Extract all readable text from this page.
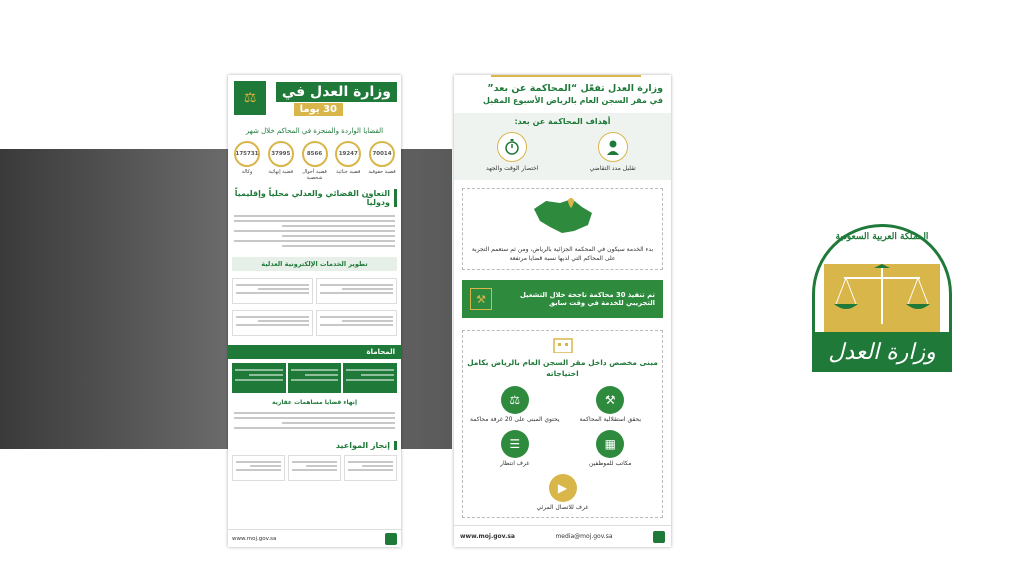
وزارة العدل في
30 يوما
⚖
القضايا الواردة والمنجزة في المحاكم خلال شهر
70014
قضية حقوقية
19247
قضية جنائية
8566
قضية أحوال شخصية
37995
قضية إنهائية
175731
وكالة
التعاون القضائي والعدلي محلياً وإقليمياً ودولياً
تطوير الخدمات الإلكترونية العدلية
المحاماة
إنهاء قضايا مساهمات عقارية
إنجاز المواعيد
www.moj.gov.sa
وزارة العدل تفعّل “المحاكمة عن بعد”
في مقر السجن العام بالرياض الأسبوع المقبل
أهداف المحاكمة عن بعد:
تقليل مدد التقاضي
اختصار الوقت والجهد
بدء الخدمة سيكون في المحكمة الجزائية بالرياض، ومن ثم ستعمم التجربة على المحاكم التي لديها نسبة قضايا مرتفعة
تم تنفيذ 30 محاكمة ناجحة خلال التشغيل التجريبي للخدمة في وقت سابق
⚒
مبنى مخصص داخل مقر السجن العام بالرياض بكامل احتياجاته
⚒
يحقق استقلالية المحاكمة
⚖
يحتوي المبنى على 20 غرفة محاكمة
▦
مكاتب للموظفين
☰
غرف انتظار
▶
غرف للاتصال المرئي
www.moj.gov.sa	media@moj.gov.sa
المملكة العربية السعودية
وزارة العدل
